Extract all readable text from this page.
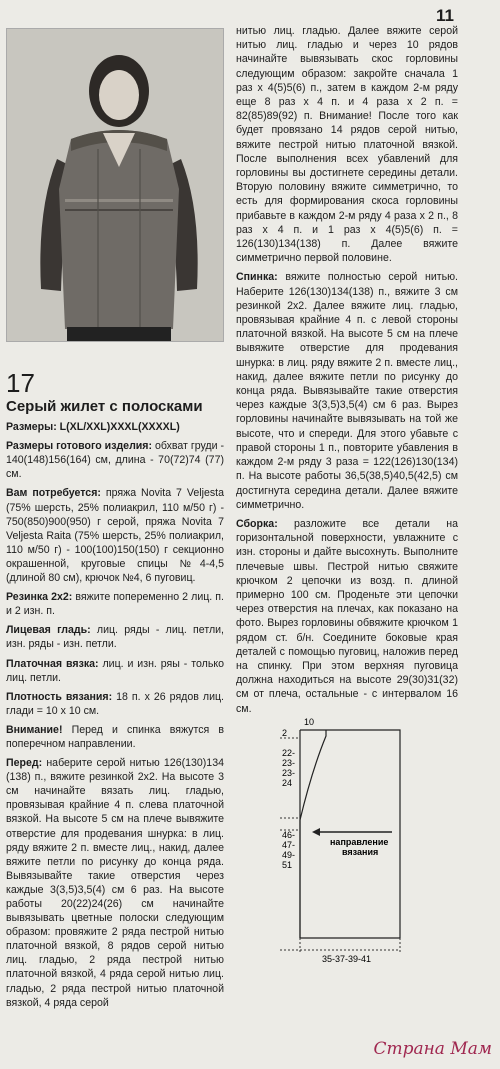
11
17
Серый жилет с полосками

Размеры: L(XL/XXL)XXXL(XXXXL)

Размеры готового изделия: обхват груди - 140(148)156(164) см, длина - 70(72)74 (77) см.

Вам потребуется: пряжа Novita 7 Veljesta (75% шерсть, 25% полиакрил, 110 м/50 г) - 750(850)900(950) г серой, пряжа Novita 7 Veljesta Raita (75% шерсть, 25% полиакрил, 110 м/50 г) - 100(100)150(150) г секционно окрашенной, круговые спицы №4-4,5 (длиной 80 см), крючок №4, 6 пуговиц.

Резинка 2х2: вяжите попеременно 2 лиц. п. и 2 изн. п.

Лицевая гладь: лиц. ряды - лиц. петли, изн. ряды - изн. петли.

Платочная вязка: лиц. и изн. ряы - только лиц. петли.

Плотность вязания: 18 п. x 26 рядов лиц. глади = 10 x 10 см.

Внимание! Перед и спинка вяжутся в поперечном направлении.

Перед: наберите серой нитью 126(130)134 (138) п., вяжите резинкой 2х2. На высоте 3 см начинайте вязать лиц. гладью, провязывая крайние 4 п. слева платочной вязкой. На высоте 5 см на плече вывяжите отверстие для продевания шнурка: в лиц. ряду вяжите 2 п. вместе лиц., накид, далее вяжите петли по рисунку до конца ряда. Вывязывайте такие отверстия через каждые 3(3,5)3,5(4) см 6 раз. На высоте работы 20(22)24(26) см начинайте вывязывать цветные полоски следующим образом: провяжите 2 ряда пестрой нитью платочной вязкой, 8 рядов серой нитью лиц. гладью, 2 ряда пестрой нитью платочной вязкой, 4 ряда серой нитью лиц. гладью, 2 ряда пестрой нитью платочной вязкой, 4 ряда серой

нитью лиц. гладью. Далее вяжите серой нитью лиц. гладью и через 10 рядов начинайте вывязывать скос горловины следующим образом: закройте сначала 1 раз x 4(5)5(6) п., затем в каждом 2-м ряду еще 8 раз x 4 п. и 4 раза x 2 п. = 82(85)89(92) п. Внимание! После того как будет провязано 14 рядов серой нитью, вяжите пестрой нитью платочной вязкой. После выполнения всех убавлений для горловины вы достигнете середины детали. Вторую половину вяжите симметрично, то есть для формирования скоса горловины прибавьте в каждом 2-м ряду 4 раза x 2 п., 8 раз x 4 п. и 1 раз x 4(5)5(6) п. = 126(130)134(138) п. Далее вяжите симметрично первой половине.

Спинка: вяжите полностью серой нитью. Наберите 126(130)134(138) п., вяжите 3 см резинкой 2х2. Далее вяжите лиц. гладью, провязывая крайние 4 п. с левой стороны платочной вязкой. На высоте 5 см на плече вывяжите отверстие для продевания шнурка: в лиц. ряду вяжите 2 п. вместе лиц., накид, далее вяжите петли по рисунку до конца ряда. Вывязывайте такие отверстия через каждые 3(3,5)3,5(4) см 6 раз. Вырез горловины начинайте вывязывать на той же высоте, что и спереди. Для этого убавьте с правой стороны 1 п., повторите убавления в каждом 2-м ряду 3 раза = 122(126)130(134) п. На высоте работы 36,5(38,5)40,5(42,5) см достигнута середина детали. Далее вяжите симметрично.

Сборка: разложите все детали на горизонтальной поверхности, увлажните с изн. стороны и дайте высохнуть. Выполните плечевые швы. Пестрой нитью свяжите крючком 2 цепочки из возд. п. длиной примерно 100 см. Проденьте эти цепочки через отверстия на плечах, как показано на фото. Вырез горловины обвяжите крючком 1 рядом ст. б/н. Соедините боковые края деталей с помощью пуговиц, наложив перед на спинку. При этом верхняя пуговица должна находиться на высоте 29(30)31(32) см от плеча, остальные - с интервалом 16 см.

10
2
22-
23-
23-
24
46-
47-
49-
51
направление
вязания
35-37-39-41
Страна Мам
